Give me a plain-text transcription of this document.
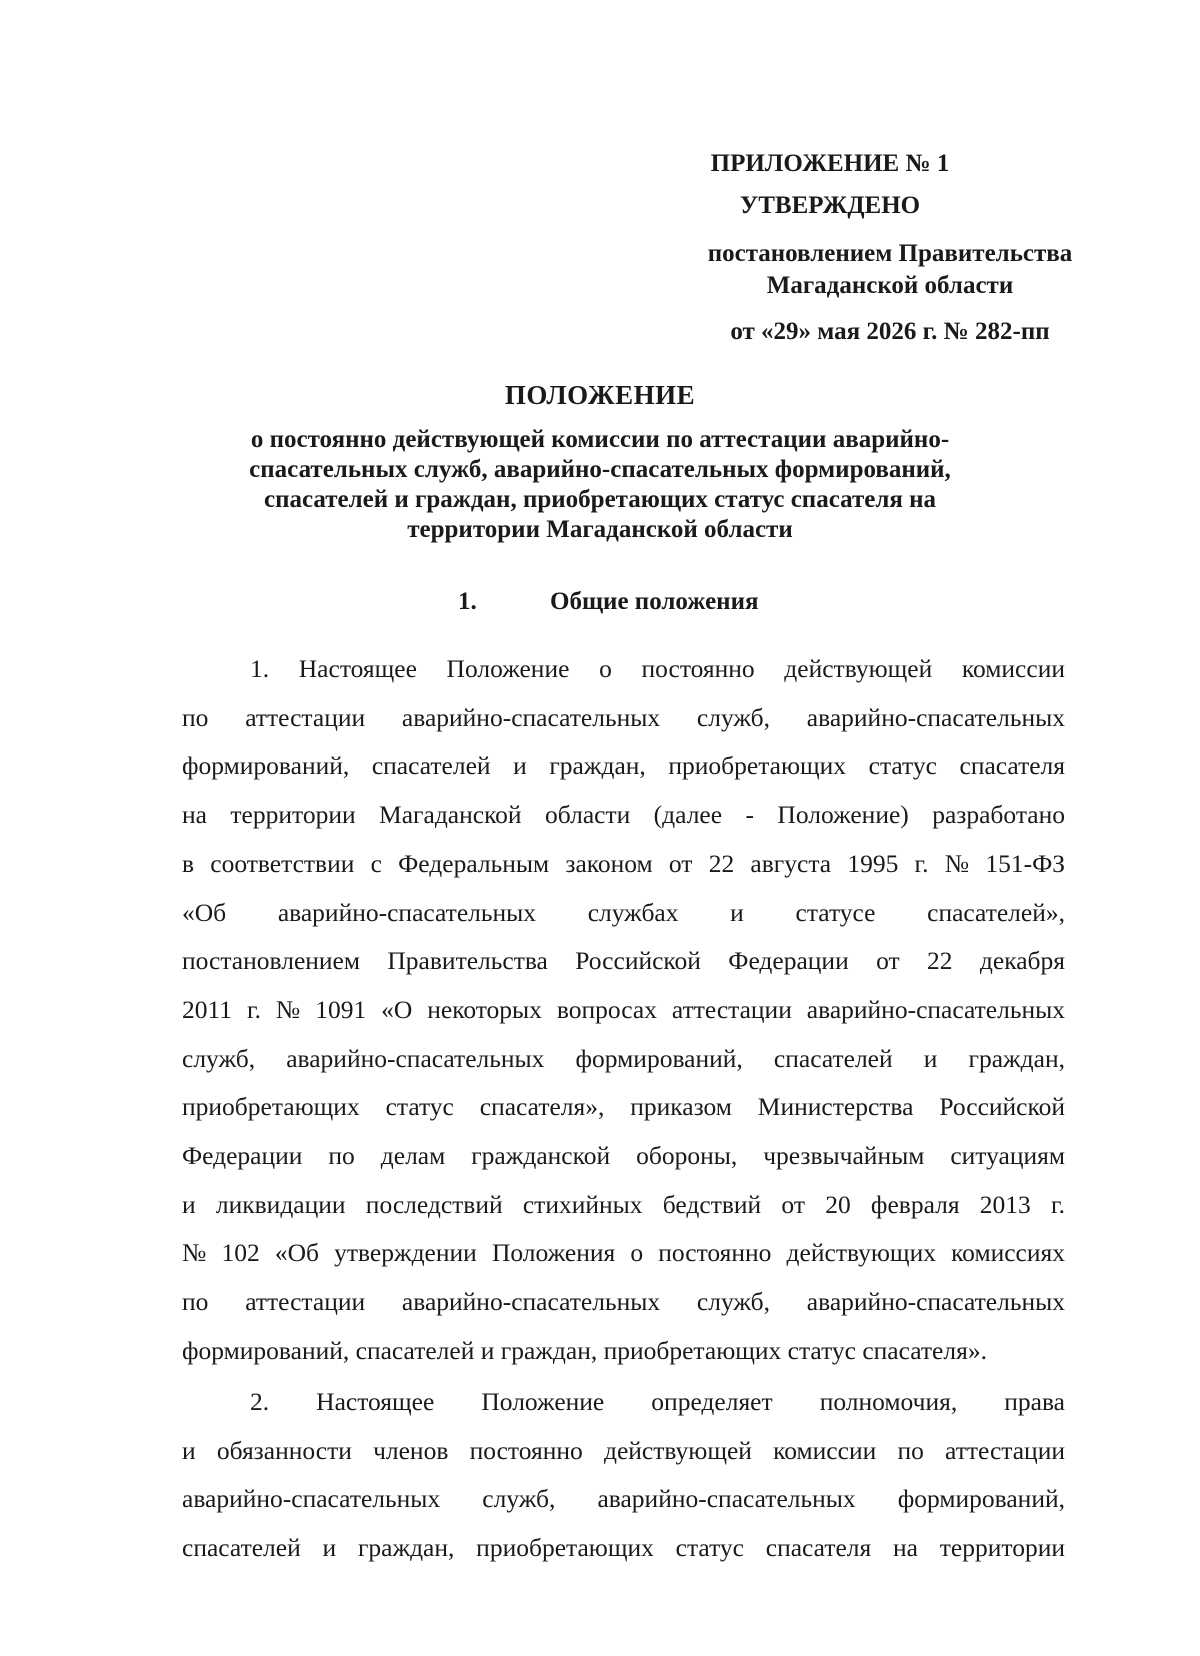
ПРИЛОЖЕНИЕ № 1
УТВЕРЖДЕНО
постановлением Правительства
Магаданской области
от «29» мая 2026 г. № 282-пп
ПОЛОЖЕНИЕ
о постоянно действующей комиссии по аттестации аварийно-
спасательных служб, аварийно-спасательных формирований,
спасателей и граждан, приобретающих статус спасателя на
территории Магаданской области
1.	Общие положения
1. Настоящее Положение о постоянно действующей комиссии
по аттестации аварийно-спасательных служб, аварийно-спасательных
формирований, спасателей и граждан, приобретающих статус спасателя
на территории Магаданской области (далее - Положение) разработано
в соответствии с Федеральным законом от 22 августа 1995 г. № 151-ФЗ
«Об аварийно-спасательных службах и статусе спасателей»,
постановлением Правительства Российской Федерации от 22 декабря
2011 г. № 1091 «О некоторых вопросах аттестации аварийно-спасательных
служб, аварийно-спасательных формирований, спасателей и граждан,
приобретающих статус спасателя», приказом Министерства Российской
Федерации по делам гражданской обороны, чрезвычайным ситуациям
и ликвидации последствий стихийных бедствий от 20 февраля 2013 г.
№ 102 «Об утверждении Положения о постоянно действующих комиссиях
по аттестации аварийно-спасательных служб, аварийно-спасательных
формирований, спасателей и граждан, приобретающих статус спасателя».
2. Настоящее Положение определяет полномочия, права
и обязанности членов постоянно действующей комиссии по аттестации
аварийно-спасательных служб, аварийно-спасательных формирований,
спасателей и граждан, приобретающих статус спасателя на территории
